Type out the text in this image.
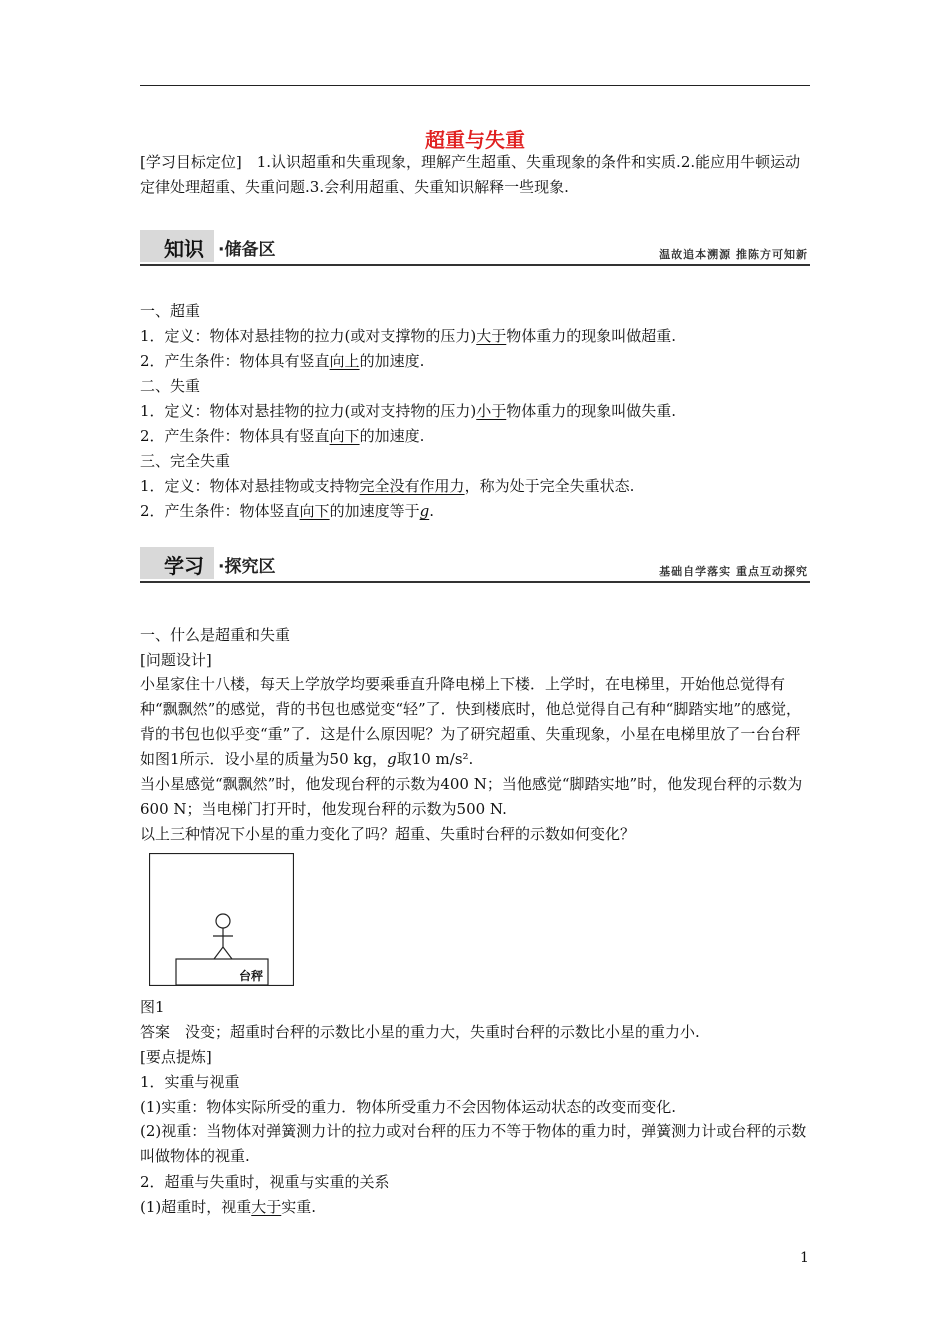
超重与失重

[学习目标定位]　 1.认识超重和失重现象，理解产生超重、失重现象的条件和实质.2.能应用牛顿运动定律处理超重、失重问题.3.会利用超重、失重知识解释一些现象.

知识 ·储备区	温故追本溯源 推陈方可知新
一、超重
1．定义：物体对悬挂物的拉力(或对支撑物的压力)大于物体重力的现象叫做超重.
2．产生条件：物体具有竖直向上的加速度.
二、失重
1．定义：物体对悬挂物的拉力(或对支持物的压力)小于物体重力的现象叫做失重.
2．产生条件：物体具有竖直向下的加速度.
三、完全失重
1．定义：物体对悬挂物或支持物完全没有作用力，称为处于完全失重状态.
2．产生条件：物体竖直向下的加速度等于g.
学习 ·探究区	基础自学落实 重点互动探究
一、什么是超重和失重
[问题设计]

小星家住十八楼，每天上学放学均要乘垂直升降电梯上下楼．上学时，在电梯里，开始他总觉得有种“飘飘然”的感觉，背的书包也感觉变“轻”了．快到楼底时，他总觉得自己有种“脚踏实地”的感觉，背的书包也似乎变“重”了．这是什么原因呢？为了研究超重、失重现象，小星在电梯里放了一台台秤如图1所示．设小星的质量为50 kg，g取10 m/s².

当小星感觉“飘飘然”时，他发现台秤的示数为400 N；当他感觉“脚踏实地”时，他发现台秤的示数为600 N；当电梯门打开时，他发现台秤的示数为500 N.

以上三种情况下小星的重力变化了吗？超重、失重时台秤的示数如何变化？

台秤
图1
答案　没变；超重时台秤的示数比小星的重力大，失重时台秤的示数比小星的重力小.
[要点提炼]
1．实重与视重
(1)实重：物体实际所受的重力．物体所受重力不会因物体运动状态的改变而变化.

(2)视重：当物体对弹簧测力计的拉力或对台秤的压力不等于物体的重力时，弹簧测力计或台秤的示数叫做物体的视重.

2．超重与失重时，视重与实重的关系
(1)超重时，视重大于实重.
1
